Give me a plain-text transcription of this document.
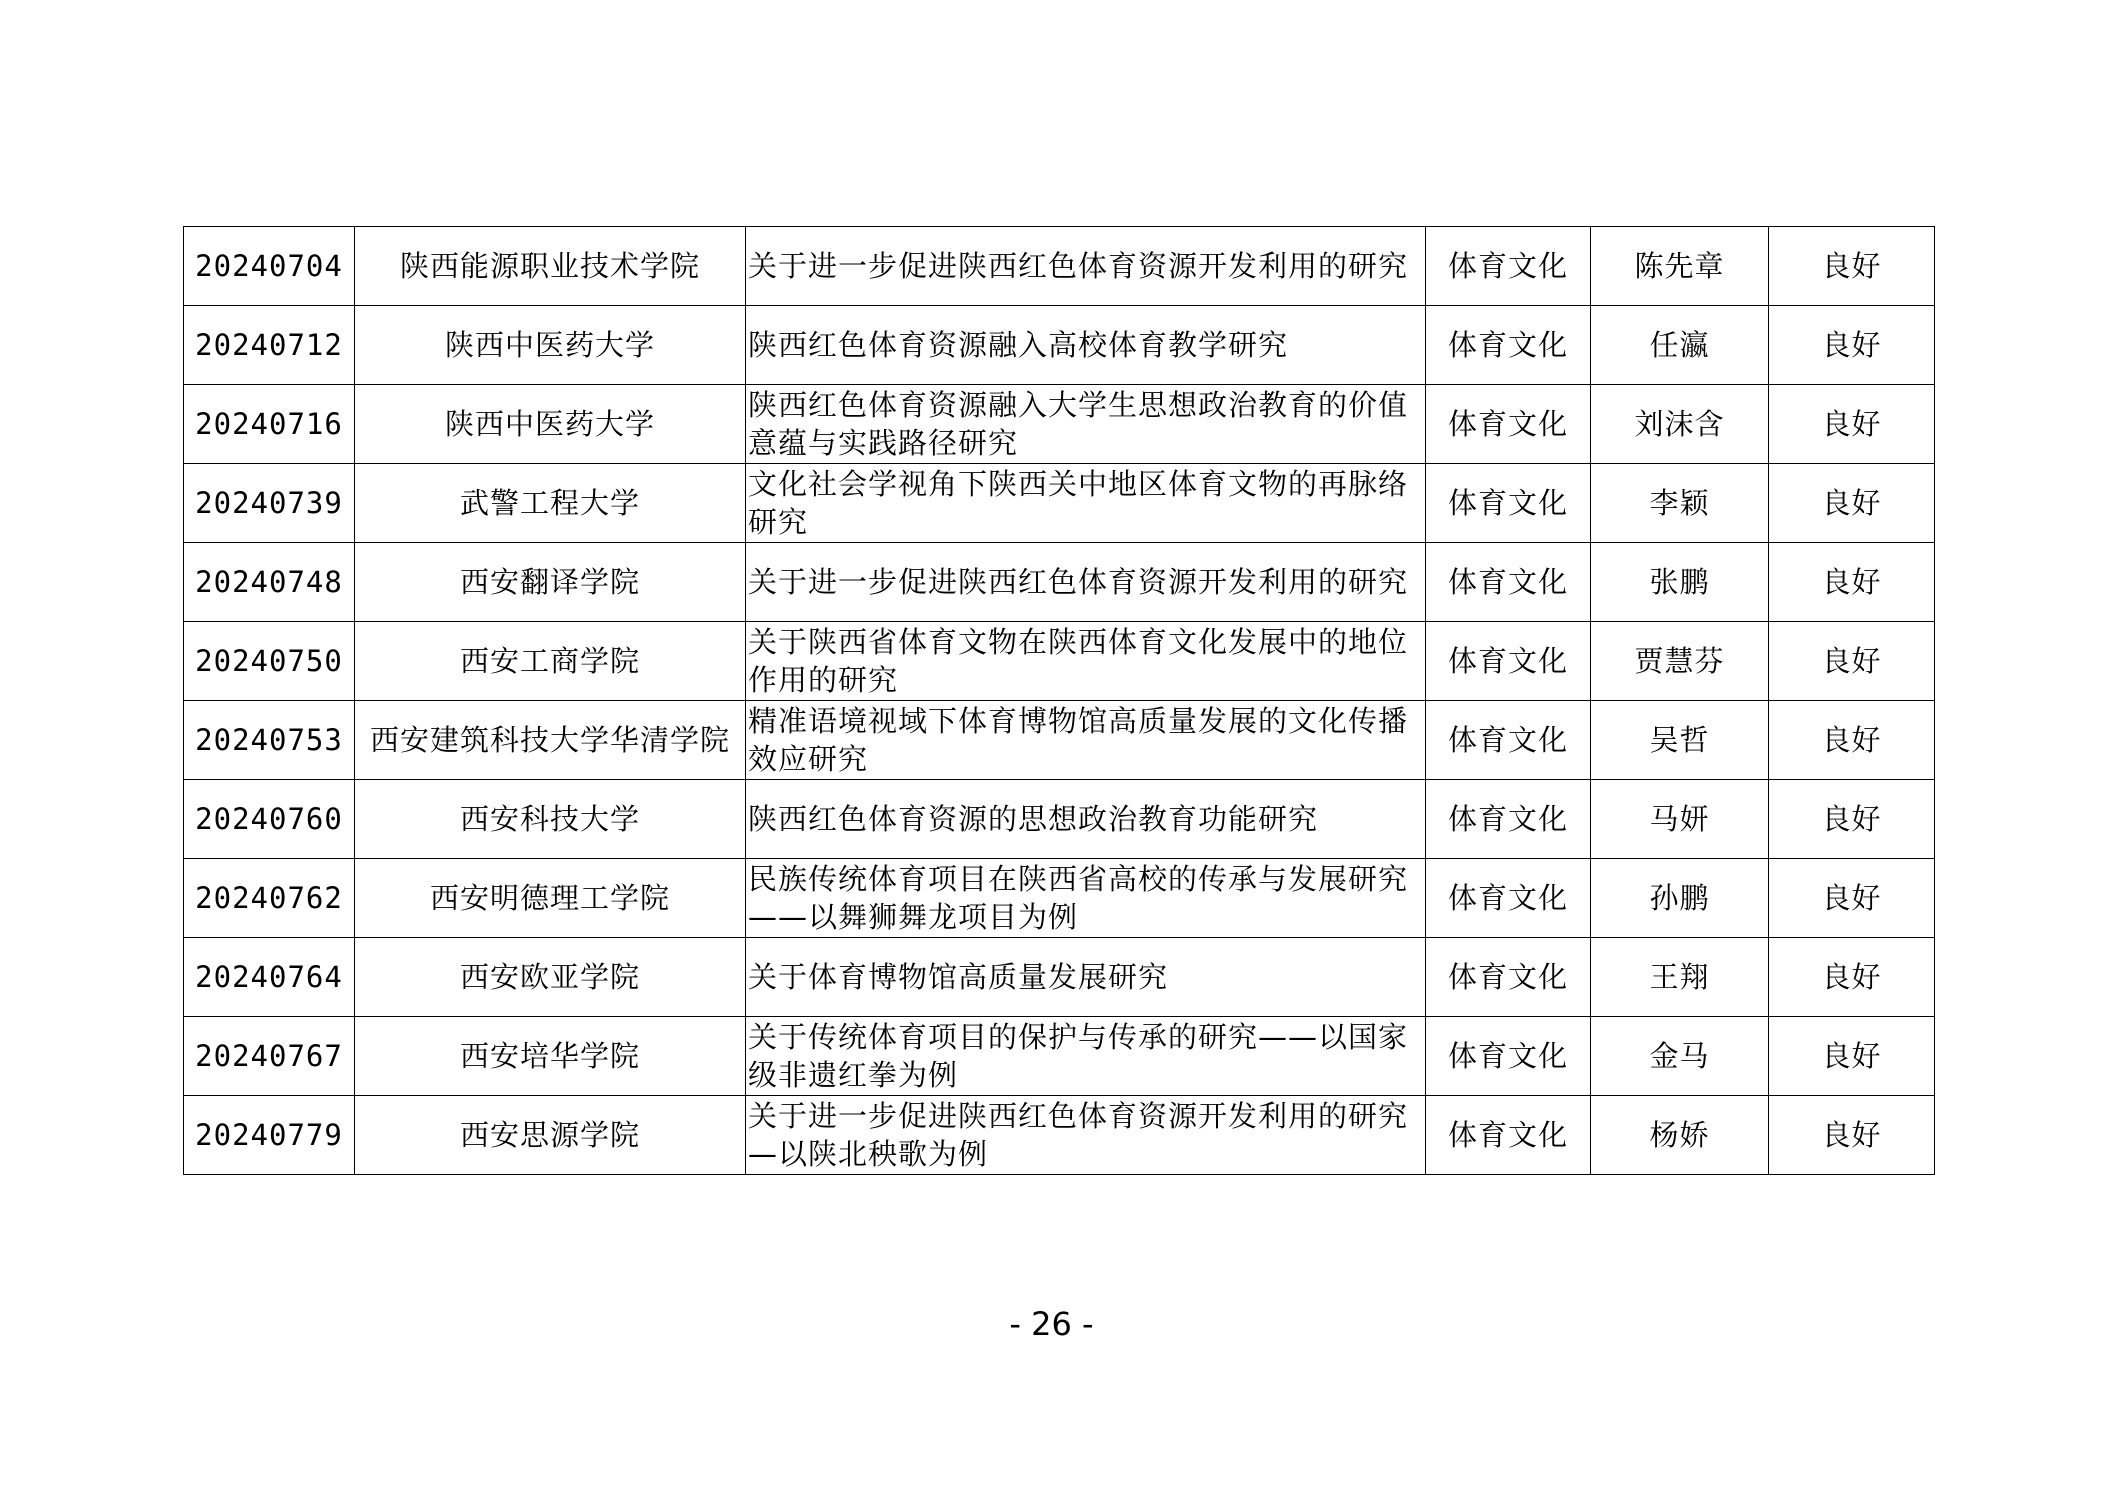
20240704	陕西能源职业技术学院	关于进一步促进陕西红色体育资源开发利用的研究	体育文化	陈先章	良好
20240712	陕西中医药大学	陕西红色体育资源融入高校体育教学研究	体育文化	任瀛	良好
20240716	陕西中医药大学	陕西红色体育资源融入大学生思想政治教育的价值意蕴与实践路径研究	体育文化	刘沫含	良好
20240739	武警工程大学	文化社会学视角下陕西关中地区体育文物的再脉络研究	体育文化	李颖	良好
20240748	西安翻译学院	关于进一步促进陕西红色体育资源开发利用的研究	体育文化	张鹏	良好
20240750	西安工商学院	关于陕西省体育文物在陕西体育文化发展中的地位作用的研究	体育文化	贾慧芬	良好
20240753	西安建筑科技大学华清学院	精准语境视域下体育博物馆高质量发展的文化传播效应研究	体育文化	吴哲	良好
20240760	西安科技大学	陕西红色体育资源的思想政治教育功能研究	体育文化	马妍	良好
20240762	西安明德理工学院	民族传统体育项目在陕西省高校的传承与发展研究——以舞狮舞龙项目为例	体育文化	孙鹏	良好
20240764	西安欧亚学院	关于体育博物馆高质量发展研究	体育文化	王翔	良好
20240767	西安培华学院	关于传统体育项目的保护与传承的研究——以国家级非遗红拳为例	体育文化	金马	良好
20240779	西安思源学院	关于进一步促进陕西红色体育资源开发利用的研究—以陕北秧歌为例	体育文化	杨娇	良好
- 26 -
